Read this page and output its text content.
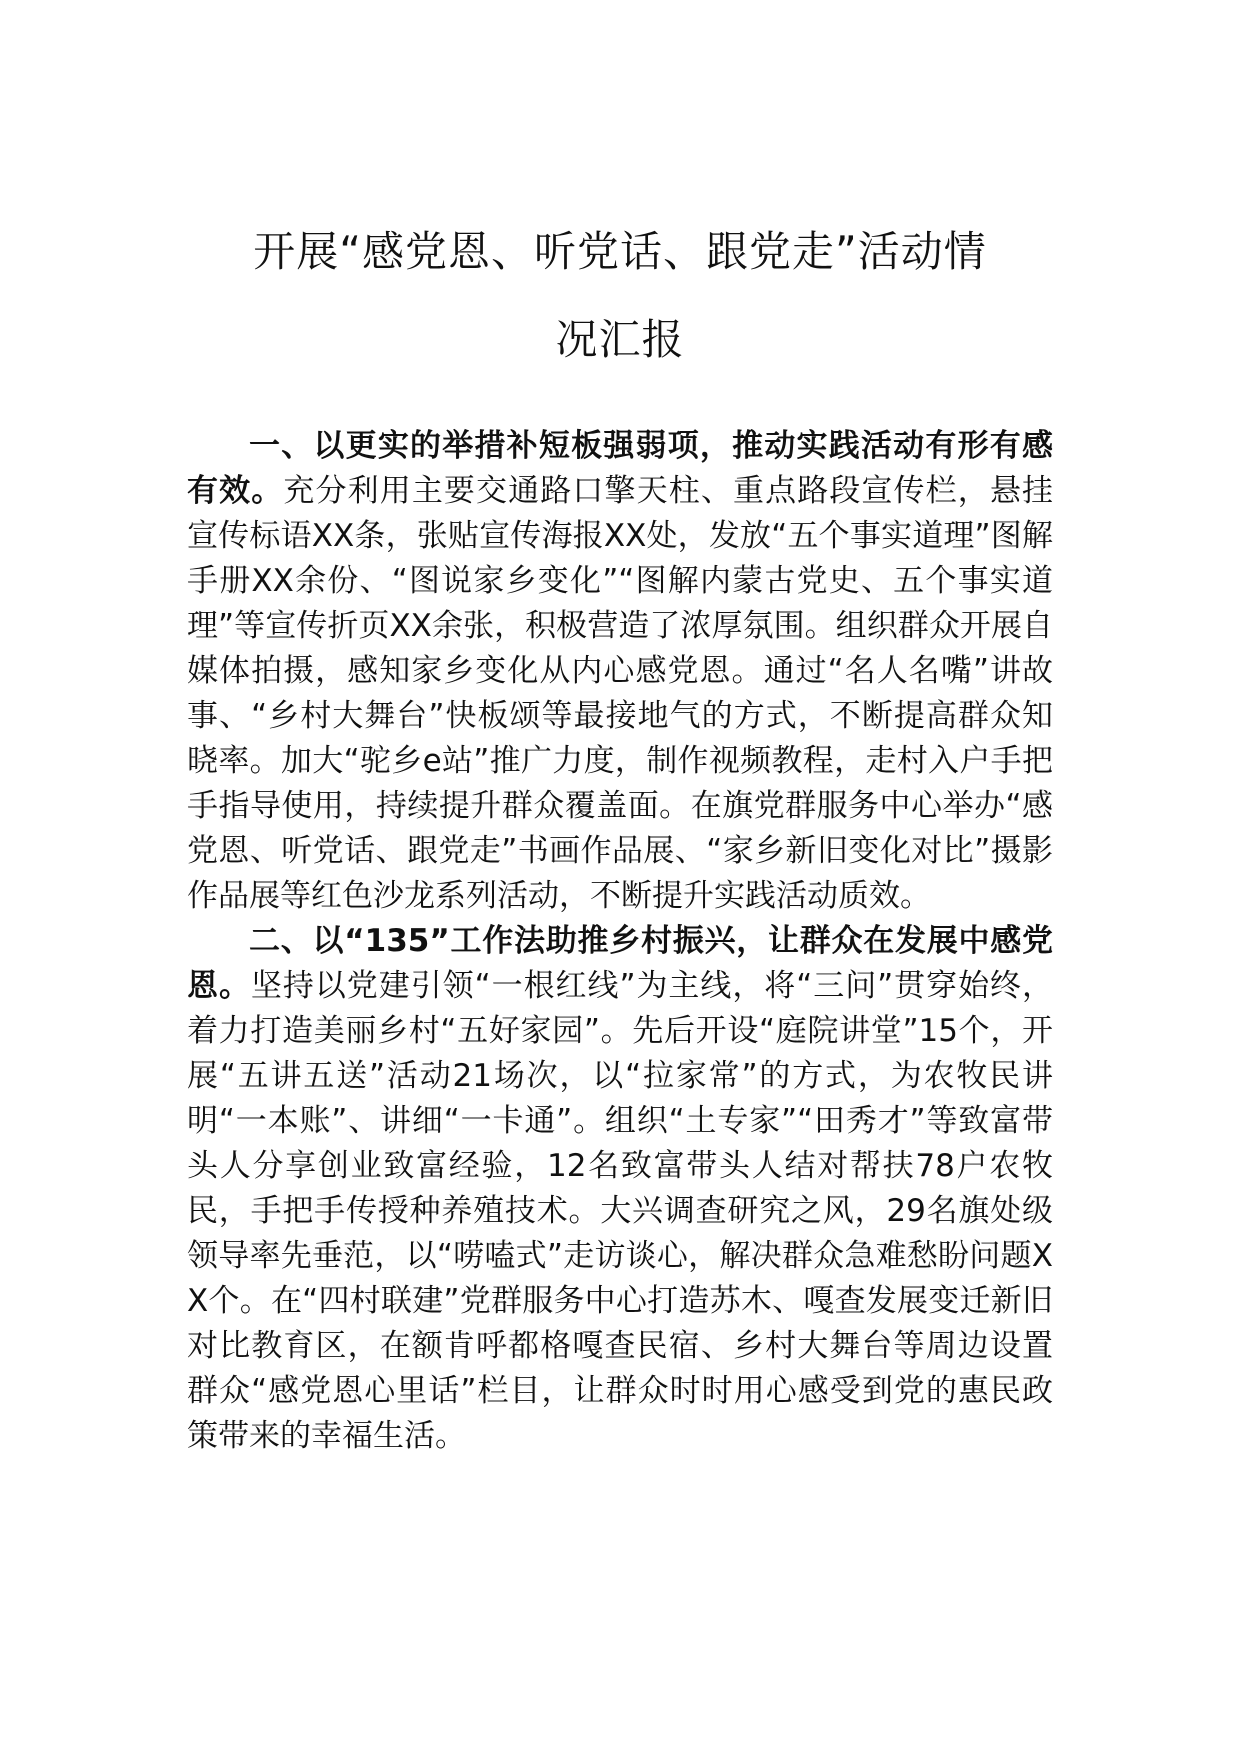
开展“感党恩、听党话、跟党走”活动情
况汇报

一、以更实的举措补短板强弱项，推动实践活动有形有感有效。充分利用主要交通路口擎天柱、重点路段宣传栏，悬挂宣传标语XX条，张贴宣传海报XX处，发放“五个事实道理”图解手册XX余份、“图说家乡变化”“图解内蒙古党史、五个事实道理”等宣传折页XX余张，积极营造了浓厚氛围。组织群众开展自媒体拍摄，感知家乡变化从内心感党恩。通过“名人名嘴”讲故事、“乡村大舞台”快板颂等最接地气的方式，不断提高群众知晓率。加大“驼乡e站”推广力度，制作视频教程，走村入户手把手指导使用，持续提升群众覆盖面。在旗党群服务中心举办“感党恩、听党话、跟党走”书画作品展、“家乡新旧变化对比”摄影作品展等红色沙龙系列活动，不断提升实践活动质效。

二、以“135”工作法助推乡村振兴，让群众在发展中感党恩。坚持以党建引领“一根红线”为主线，将“三问”贯穿始终，着力打造美丽乡村“五好家园”。先后开设“庭院讲堂”15个，开展“五讲五送”活动21场次，以“拉家常”的方式，为农牧民讲明“一本账”、讲细“一卡通”。组织“土专家”“田秀才”等致富带头人分享创业致富经验，12名致富带头人结对帮扶78户农牧民，手把手传授种养殖技术。大兴调查研究之风，29名旗处级领导率先垂范，以“唠嗑式”走访谈心，解决群众急难愁盼问题XX个。在“四村联建”党群服务中心打造苏木、嘎查发展变迁新旧对比教育区，在额肯呼都格嘎查民宿、乡村大舞台等周边设置群众“感党恩心里话”栏目，让群众时时用心感受到党的惠民政策带来的幸福生活。
